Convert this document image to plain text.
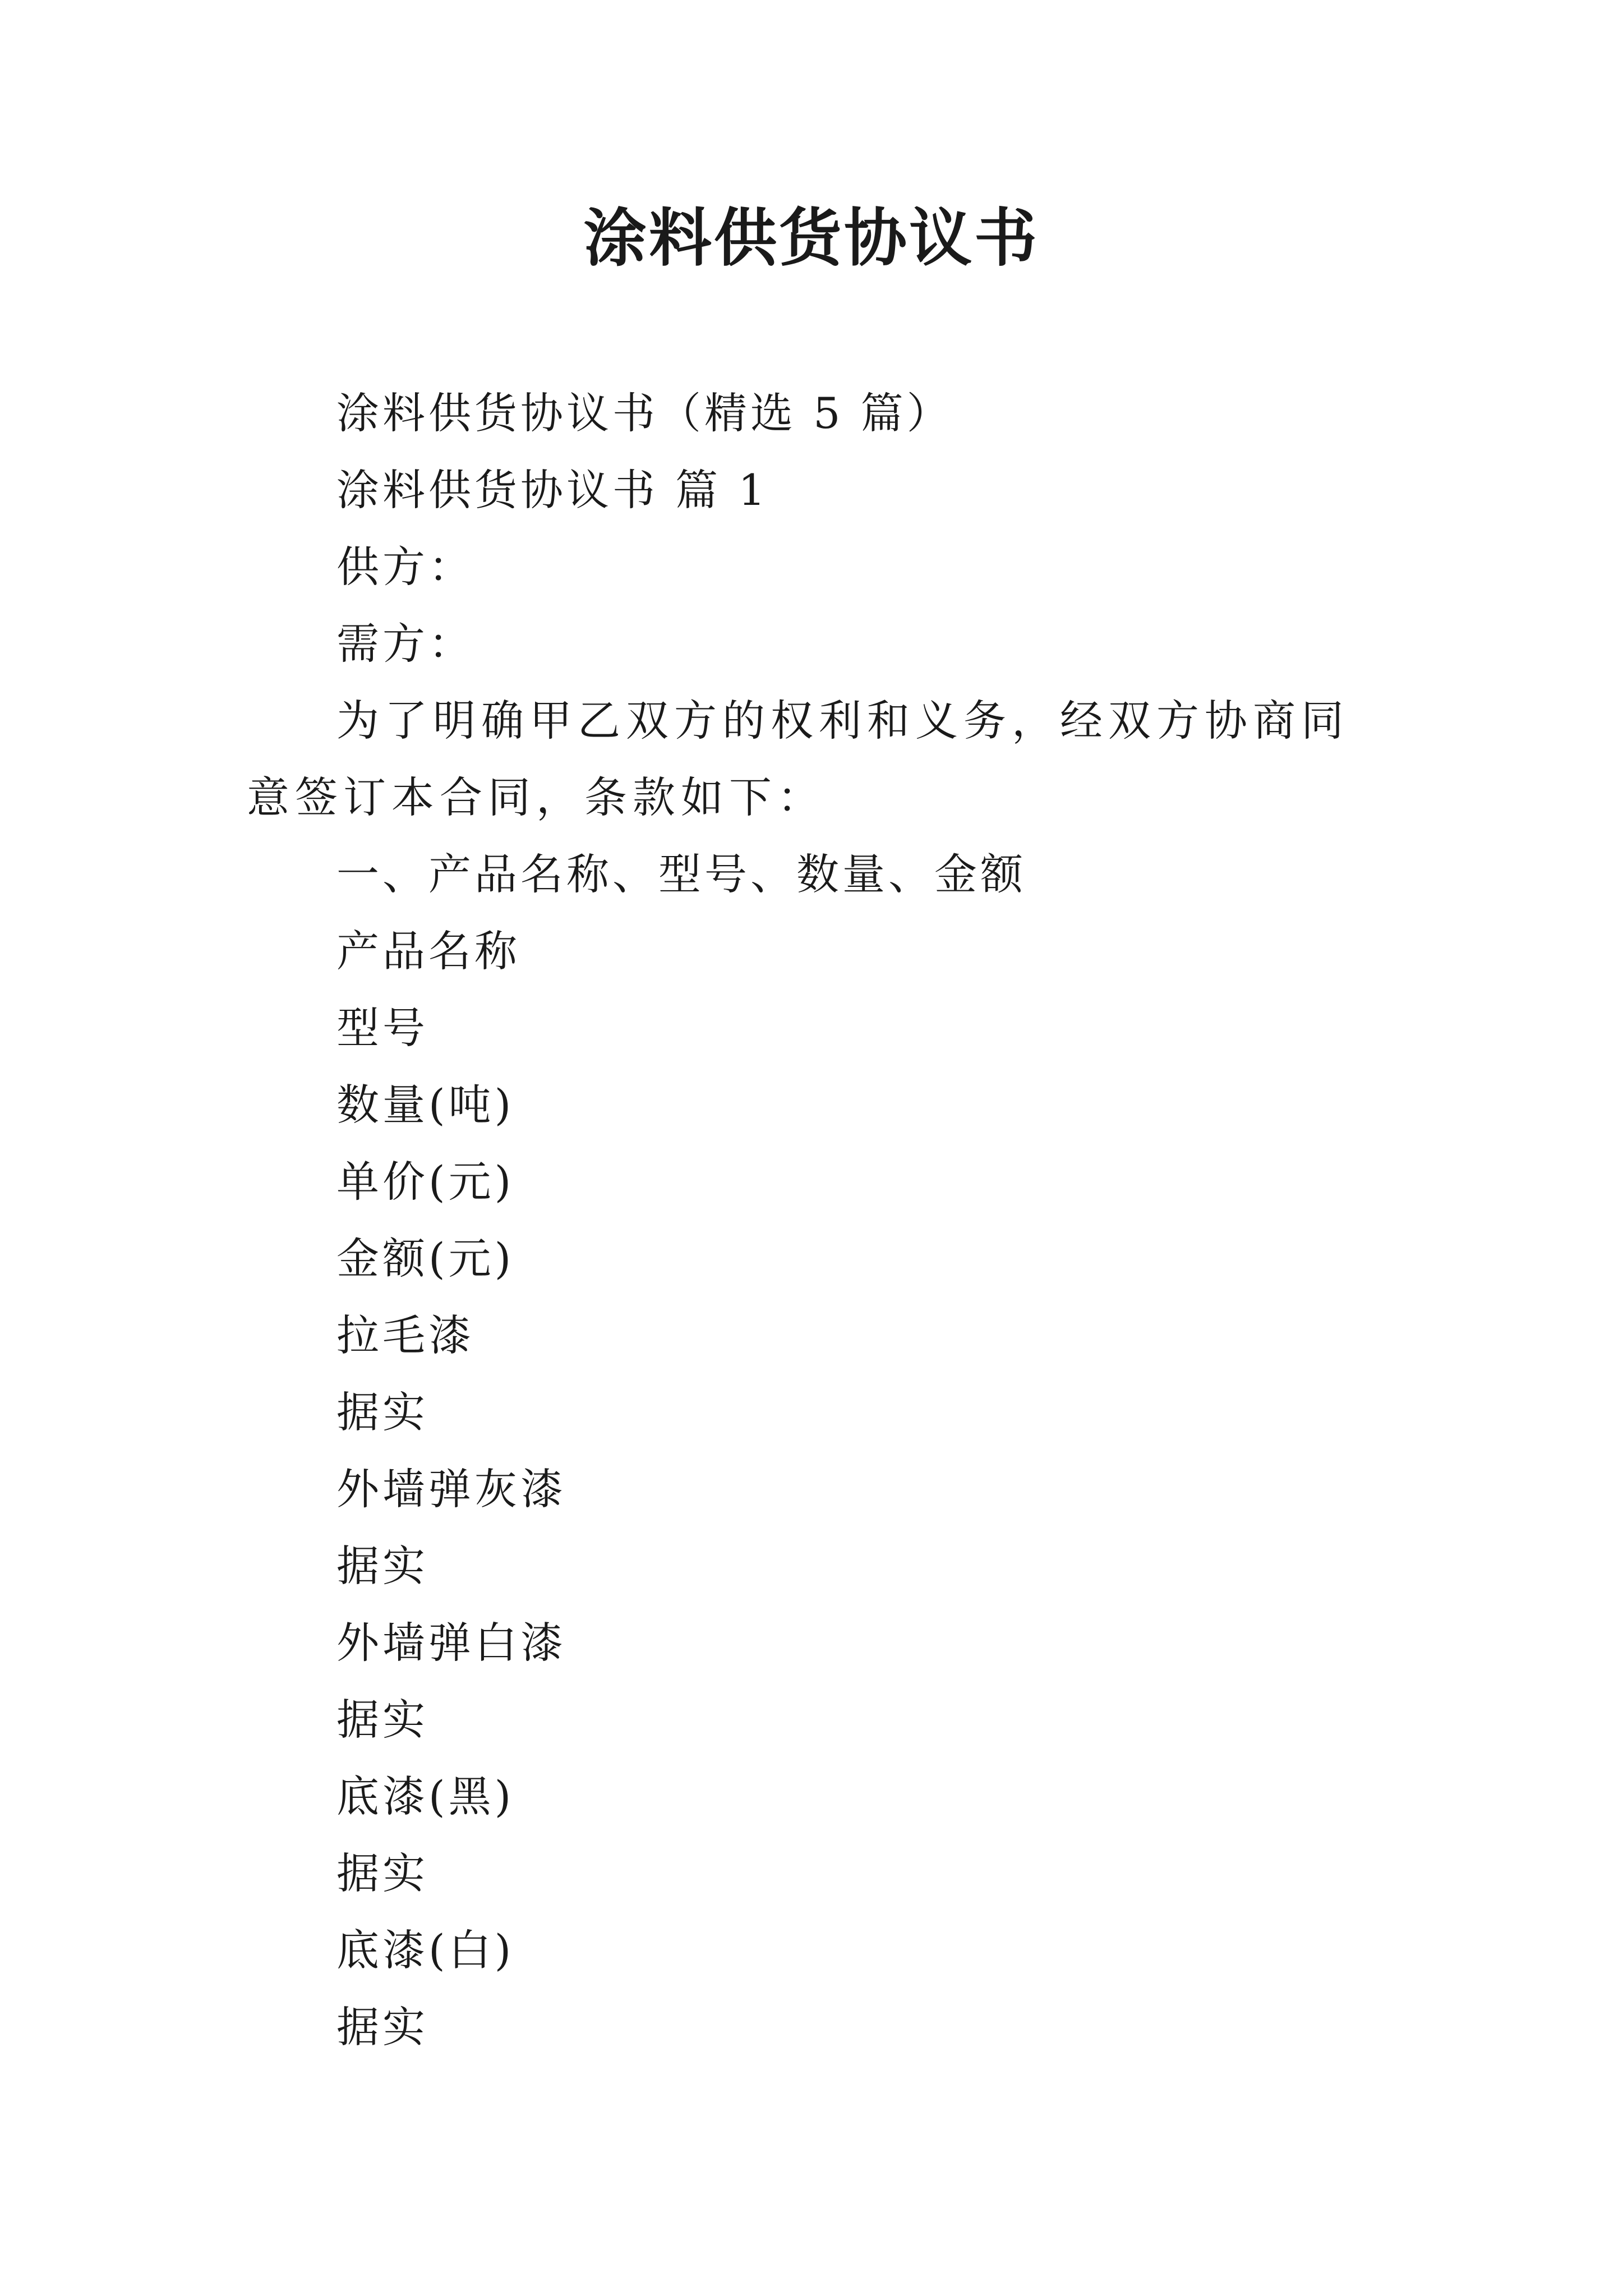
涂料供货协议书

涂料供货协议书（精选 5 篇）

涂料供货协议书 篇 1

供方：

需方：

为了明确甲乙双方的权利和义务，经双方协商同意签订本合同，条款如下：

一、产品名称、型号、数量、金额

产品名称

型号

数量(吨)

单价(元)

金额(元)

拉毛漆

据实

外墙弹灰漆

据实

外墙弹白漆

据实

底漆(黑)

据实

底漆(白)

据实
